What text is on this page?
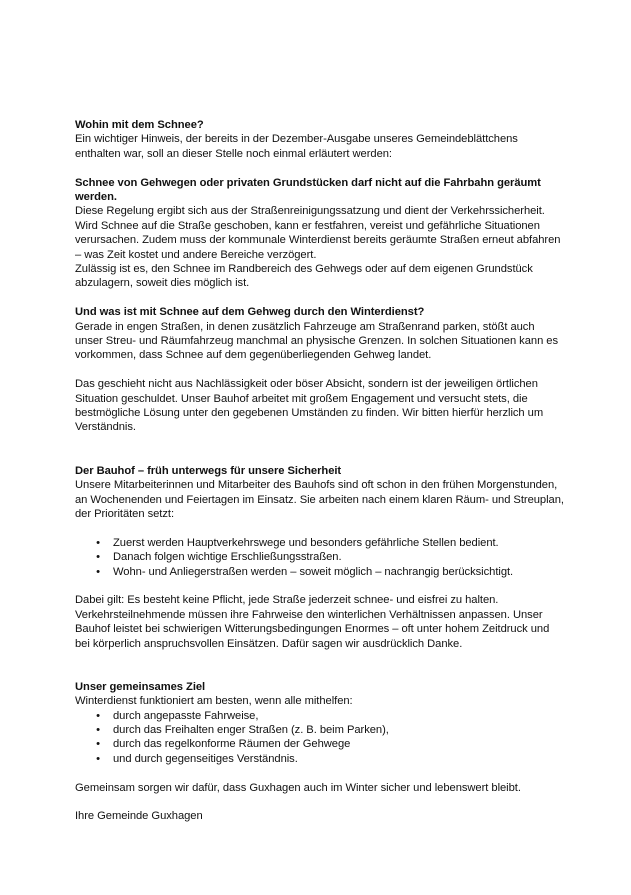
Wohin mit dem Schnee?

Ein wichtiger Hinweis, der bereits in der Dezember-Ausgabe unseres Gemeindeblättchens enthalten war, soll an dieser Stelle noch einmal erläutert werden:

Schnee von Gehwegen oder privaten Grundstücken darf nicht auf die Fahrbahn geräumt werden.

Diese Regelung ergibt sich aus der Straßenreinigungssatzung und dient der Verkehrssicherheit. Wird Schnee auf die Straße geschoben, kann er festfahren, vereist und gefährliche Situationen verursachen. Zudem muss der kommunale Winterdienst bereits geräumte Straßen erneut abfahren – was Zeit kostet und andere Bereiche verzögert.

Zulässig ist es, den Schnee im Randbereich des Gehwegs oder auf dem eigenen Grundstück abzulagern, soweit dies möglich ist.

Und was ist mit Schnee auf dem Gehweg durch den Winterdienst?

Gerade in engen Straßen, in denen zusätzlich Fahrzeuge am Straßenrand parken, stößt auch unser Streu- und Räumfahrzeug manchmal an physische Grenzen. In solchen Situationen kann es vorkommen, dass Schnee auf dem gegenüberliegenden Gehweg landet.

Das geschieht nicht aus Nachlässigkeit oder böser Absicht, sondern ist der jeweiligen örtlichen Situation geschuldet. Unser Bauhof arbeitet mit großem Engagement und versucht stets, die bestmögliche Lösung unter den gegebenen Umständen zu finden. Wir bitten hierfür herzlich um Verständnis.

Der Bauhof – früh unterwegs für unsere Sicherheit

Unsere Mitarbeiterinnen und Mitarbeiter des Bauhofs sind oft schon in den frühen Morgenstunden, an Wochenenden und Feiertagen im Einsatz. Sie arbeiten nach einem klaren Räum- und Streuplan, der Prioritäten setzt:

• Zuerst werden Hauptverkehrswege und besonders gefährliche Stellen bedient.
• Danach folgen wichtige Erschließungsstraßen.
• Wohn- und Anliegerstraßen werden – soweit möglich – nachrangig berücksichtigt.

Dabei gilt: Es besteht keine Pflicht, jede Straße jederzeit schnee- und eisfrei zu halten. Verkehrsteilnehmende müssen ihre Fahrweise den winterlichen Verhältnissen anpassen. Unser Bauhof leistet bei schwierigen Witterungsbedingungen Enormes – oft unter hohem Zeitdruck und bei körperlich anspruchsvollen Einsätzen. Dafür sagen wir ausdrücklich Danke.

Unser gemeinsames Ziel

Winterdienst funktioniert am besten, wenn alle mithelfen:

• durch angepasste Fahrweise,
• durch das Freihalten enger Straßen (z. B. beim Parken),
• durch das regelkonforme Räumen der Gehwege
• und durch gegenseitiges Verständnis.

Gemeinsam sorgen wir dafür, dass Guxhagen auch im Winter sicher und lebenswert bleibt.

Ihre Gemeinde Guxhagen
